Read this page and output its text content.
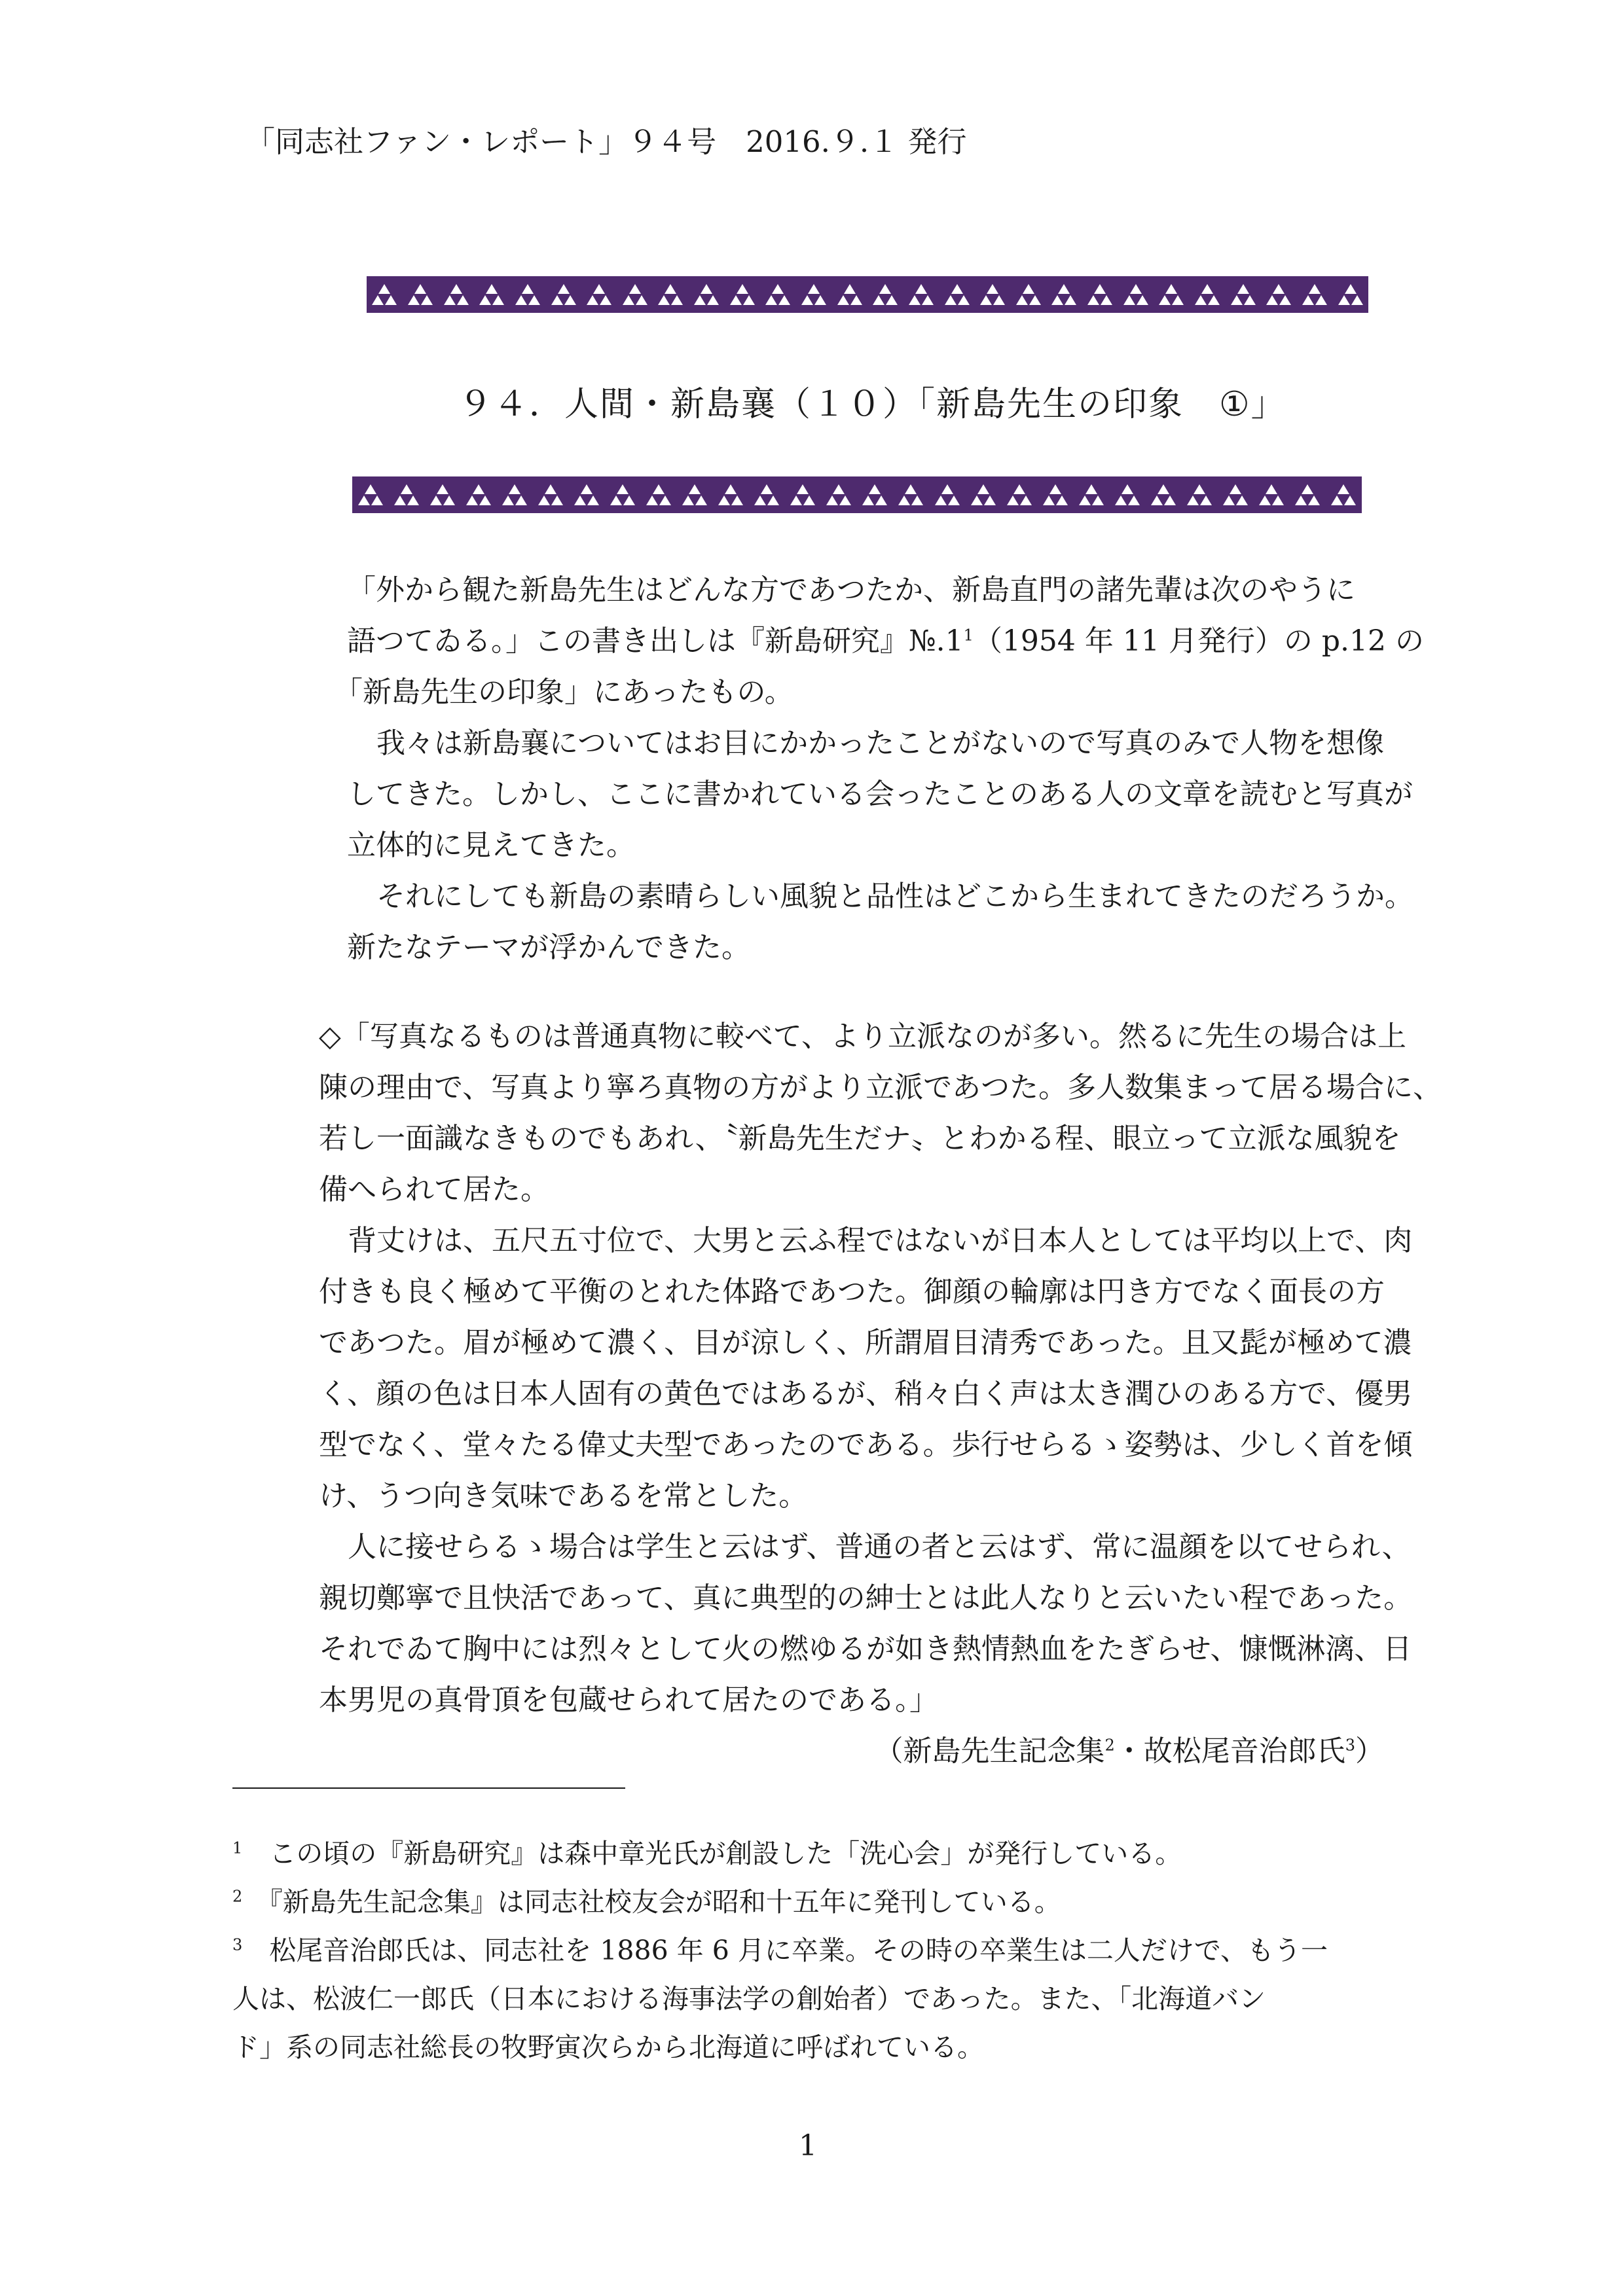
「同志社ファン・レポート」９４号　2016.９.１ 発行
９４．人間・新島襄（１０）「新島先生の印象　①」
「外から観た新島先生はどんな方であつたか、新島直門の諸先輩は次のやうに
語つてゐる。」この書き出しは『新島研究』$№.1^1(1954$ 年 11 月発行）の p.12 の
「新島先生の印象」にあったもの。
我々は新島襄についてはお目にかかったことがないので写真のみで人物を想像
してきた。しかし、ここに書かれている会ったことのある人の文章を読むと写真が
立体的に見えてきた。
それにしても新島の素晴らしい風貌と品性はどこから生まれてきたのだろうか。
新たなテーマが浮かんできた。
◇「写真なるものは普通真物に較べて、より立派なのが多い。然るに先生の場合は上
陳の理由で、写真より寧ろ真物の方がより立派であつた。多人数集まって居る場合に、
若し一面識なきものでもあれ、〝新島先生だナ〟とわかる程、眼立って立派な風貌を
備へられて居た。
背丈けは、五尺五寸位で、大男と云ふ程ではないが日本人としては平均以上で、肉
付きも良く極めて平衡のとれた体路であつた。御顔の輪廓は円き方でなく面長の方
であつた。眉が極めて濃く、目が涼しく、所謂眉目清秀であった。且又髭が極めて濃
く、顔の色は日本人固有の黄色ではあるが、稍々白く声は太き潤ひのある方で、優男
型でなく、堂々たる偉丈夫型であったのである。歩行せらるゝ姿勢は、少しく首を傾
け、うつ向き気味であるを常とした。
人に接せらるゝ場合は学生と云はず、普通の者と云はず、常に温顔を以てせられ、
親切鄭寧で且快活であって、真に典型的の紳士とは此人なりと云いたい程であった。
それでゐて胸中には烈々として火の燃ゆるが如き熱情熱血をたぎらせ、慷慨淋漓、日
本男児の真骨頂を包蔵せられて居たのである。」
（新島先生記念集$^2$・故松尾音治郎氏$^3$）
$^1$　 この頃の『新島研究』は森中章光氏が創設した「洗心会」が発行している。
$^2$　 『新島先生記念集』は同志社校友会が昭和十五年に発刊している。
$^3$　 松尾音治郎氏は、同志社を 1886 年 6 月に卒業。その時の卒業生は二人だけで、もう一
人は、松波仁一郎氏（日本における海事法学の創始者）であった。また、「北海道バン
ド」系の同志社総長の牧野寅次らから北海道に呼ばれている。
1
